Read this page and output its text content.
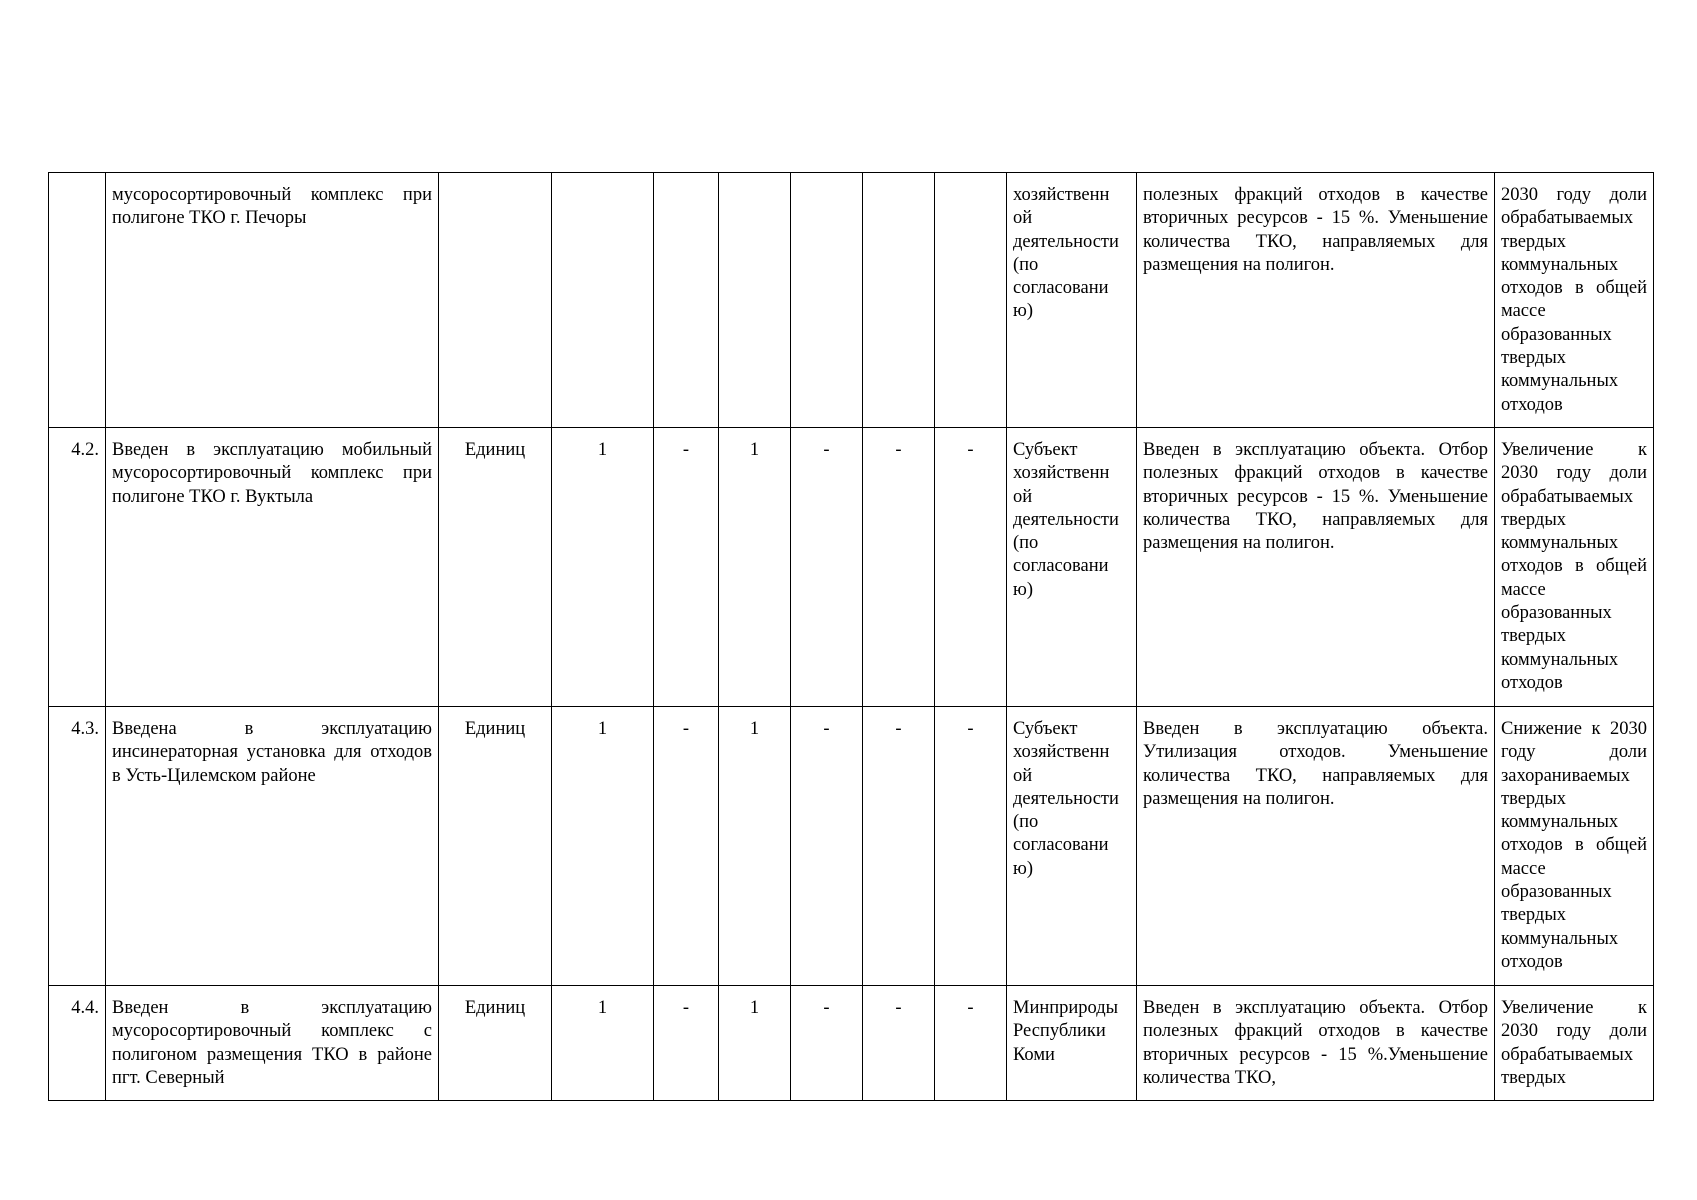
	мусоросортировочный комплекс при полигоне ТКО г. Печоры								хозяйственн ой деятельности (по согласовани ю)	полезных фракций отходов в качестве вторичных ресурсов - 15 %. Уменьшение количества ТКО, направляемых для размещения на полигон.	2030 году доли обрабатываемых твердых коммунальных отходов в общей массе образованных твердых коммунальных отходов
4.2.	Введен в эксплуатацию мобильный мусоросортировочный комплекс при полигоне ТКО г. Вуктыла	Единиц	1	-	1	-	-	-	Субъект хозяйственн ой деятельности (по согласовани ю)	Введен в эксплуатацию объекта. Отбор полезных фракций отходов в качестве вторичных ресурсов - 15 %. Уменьшение количества ТКО, направляемых для размещения на полигон.	Увеличение к 2030 году доли обрабатываемых твердых коммунальных отходов в общей массе образованных твердых коммунальных отходов
4.3.	Введена в эксплуатацию инсинераторная установка для отходов в Усть-Цилемском районе	Единиц	1	-	1	-	-	-	Субъект хозяйственн ой деятельности (по согласовани ю)	Введен в эксплуатацию объекта. Утилизация отходов. Уменьшение количества ТКО, направляемых для размещения на полигон.	Снижение к 2030 году доли захораниваемых твердых коммунальных отходов в общей массе образованных твердых коммунальных отходов
4.4.	Введен в эксплуатацию мусоросортировочный комплекс с полигоном размещения ТКО в районе пгт. Северный	Единиц	1	-	1	-	-	-	Минприроды Республики Коми	Введен в эксплуатацию объекта. Отбор полезных фракций отходов в качестве вторичных ресурсов - 15 %.Уменьшение количества ТКО,	Увеличение к 2030 году доли обрабатываемых твердых
